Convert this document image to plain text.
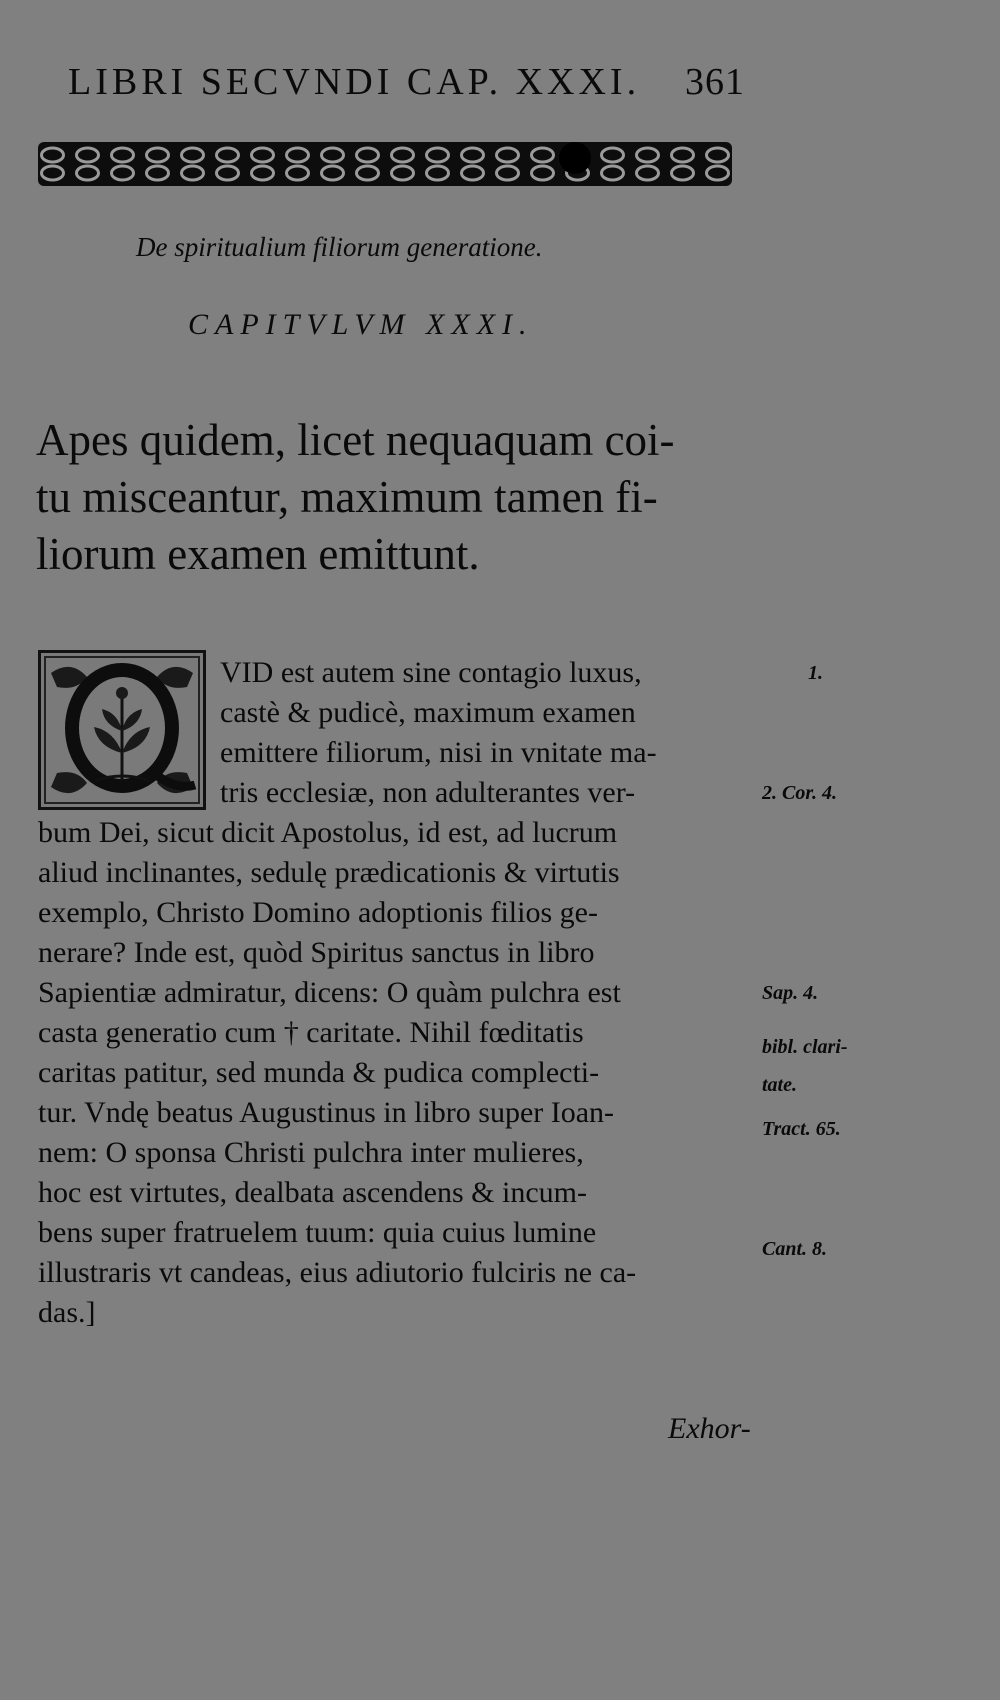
LIBRI SECVNDI CAP. XXXI. 361
De spiritualium filiorum generatione.
CAPITVLVM XXXI.
Apes quidem, licet nequaquam coi-
tu misceantur, maximum tamen fi-
liorum examen emittunt.
VID est autem sine contagio luxus,
castè & pudicè, maximum examen
emittere filiorum, nisi in vnitate ma-
tris ecclesiæ, non adulterantes ver-
bum Dei, sicut dicit Apostolus, id est, ad lucrum
aliud inclinantes, sedulę prædicationis & virtutis
exemplo, Christo Domino adoptionis filios ge-
nerare? Inde est, quòd Spiritus sanctus in libro
Sapientiæ admiratur, dicens: O quàm pulchra est
casta generatio cum † caritate. Nihil fœditatis
caritas patitur, sed munda & pudica complecti-
tur. Vndę beatus Augustinus in libro super Ioan-
nem: O sponsa Christi pulchra inter mulieres,
hoc est virtutes, dealbata ascendens & incum-
bens super fratruelem tuum: quia cuius lumine
illustraris vt candeas, eius adiutorio fulciris ne ca-
das.]
1.
2. Cor. 4.
Sap. 4.
bibl. clari-
tate.
Tract. 65.
Cant. 8.
Exhor-
